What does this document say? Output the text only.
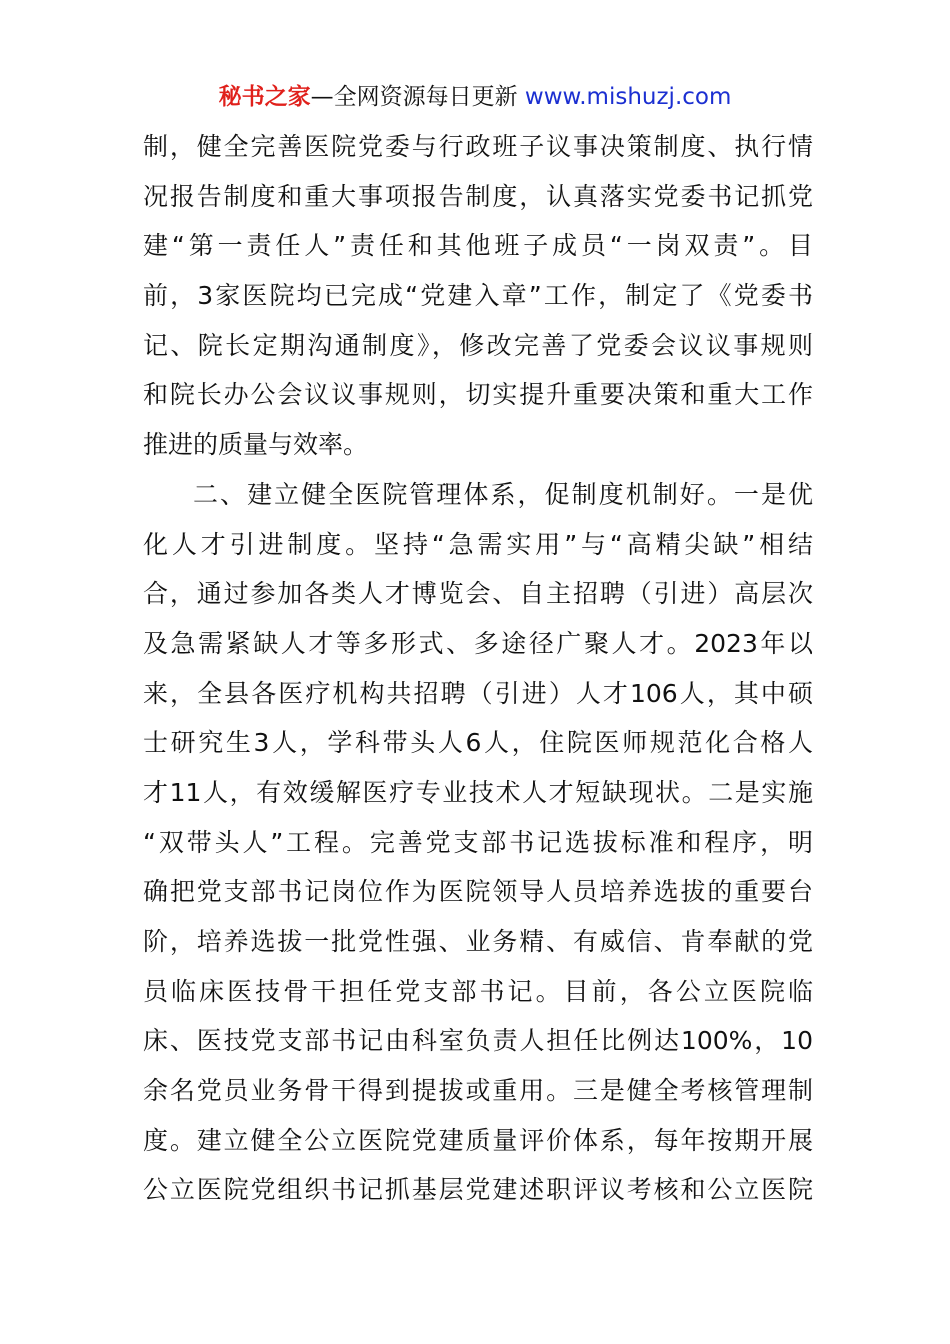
秘书之家—全网资源每日更新 www.mishuzj.com
制，健全完善医院党委与行政班子议事决策制度、执行情
况报告制度和重大事项报告制度，认真落实党委书记抓党
建“第一责任人”责任和其他班子成员“一岗双责”。目
前，3家医院均已完成“党建入章”工作，制定了《党委书
记、院长定期沟通制度》，修改完善了党委会议议事规则
和院长办公会议议事规则，切实提升重要决策和重大工作
推进的质量与效率。
二、建立健全医院管理体系，促制度机制好。一是优
化人才引进制度。坚持“急需实用”与“高精尖缺”相结
合，通过参加各类人才博览会、自主招聘（引进）高层次
及急需紧缺人才等多形式、多途径广聚人才。2023年以
来，全县各医疗机构共招聘（引进）人才106人，其中硕
士研究生3人，学科带头人6人，住院医师规范化合格人
才11人，有效缓解医疗专业技术人才短缺现状。二是实施
“双带头人”工程。完善党支部书记选拔标准和程序，明
确把党支部书记岗位作为医院领导人员培养选拔的重要台
阶，培养选拔一批党性强、业务精、有威信、肯奉献的党
员临床医技骨干担任党支部书记。目前，各公立医院临
床、医技党支部书记由科室负责人担任比例达100%，10
余名党员业务骨干得到提拔或重用。三是健全考核管理制
度。建立健全公立医院党建质量评价体系，每年按期开展
公立医院党组织书记抓基层党建述职评议考核和公立医院
